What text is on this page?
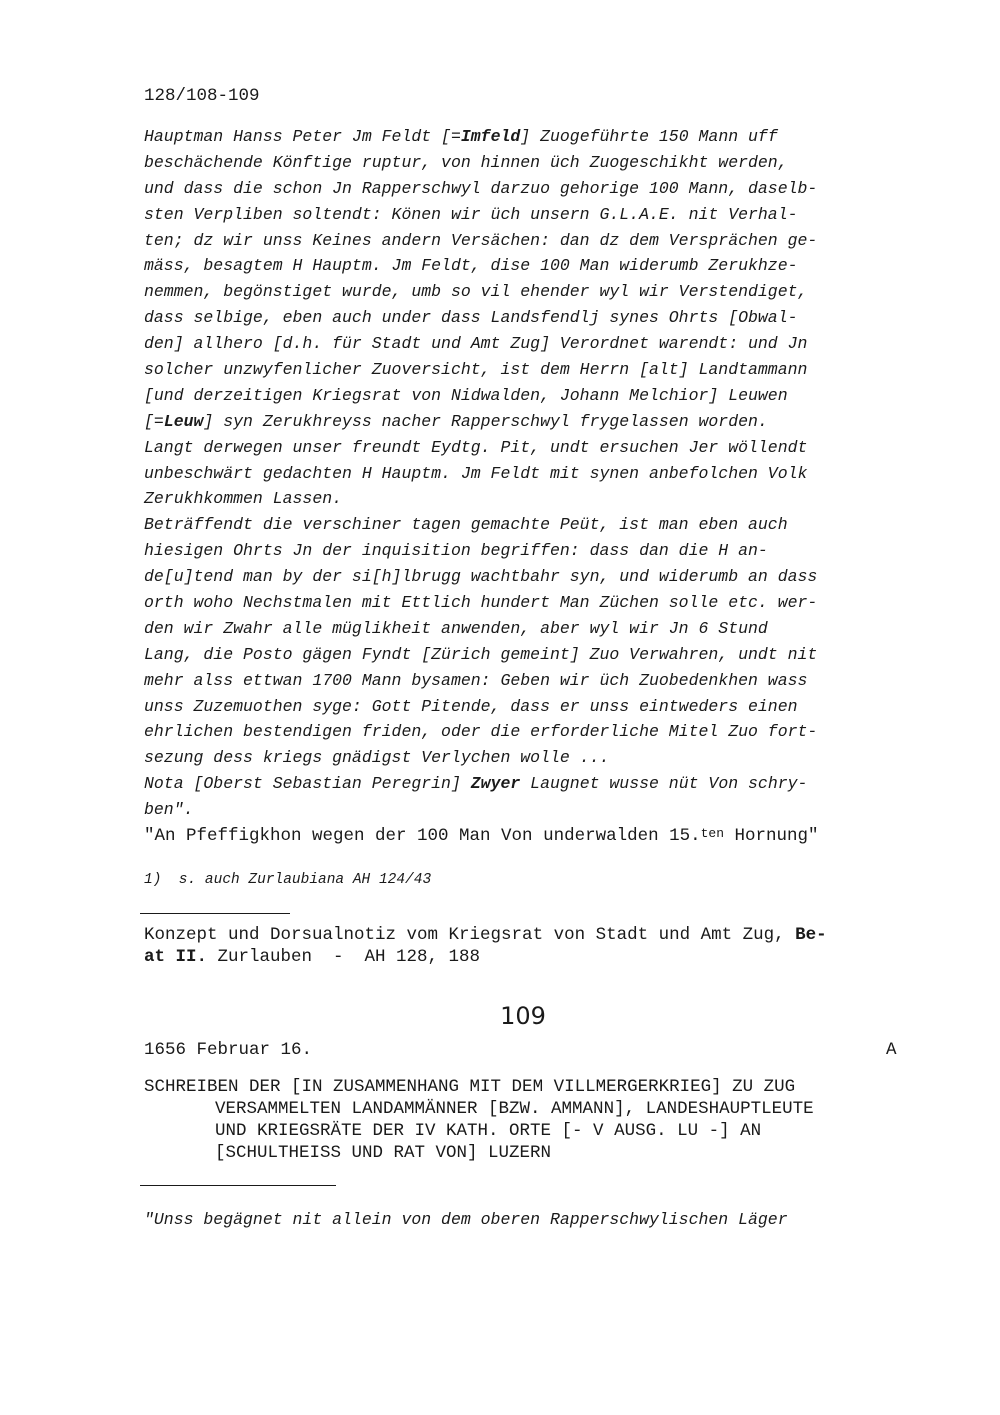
128/108-109
Hauptman Hanss Peter Jm Feldt [=Imfeld] Zuogeführte 150 Mann uff
beschächende Könftige ruptur, von hinnen üch Zuogeschikht werden,
und dass die schon Jn Rapperschwyl darzuo gehorige 100 Mann, daselb-
sten Verpliben soltendt: Könen wir üch unsern G.L.A.E. nit Verhal-
ten; dz wir unss Keines andern Versächen: dan dz dem Versprächen ge-
mäss, besagtem H Hauptm. Jm Feldt, dise 100 Man widerumb Zerukhze-
nemmen, begönstiget wurde, umb so vil ehender wyl wir Verstendiget,
dass selbige, eben auch under dass Landsfendlj synes Ohrts [Obwal-
den] allhero [d.h. für Stadt und Amt Zug] Verordnet warendt: und Jn
solcher unzwyfenlicher Zuoversicht, ist dem Herrn [alt] Landtammann
[und derzeitigen Kriegsrat von Nidwalden, Johann Melchior] Leuwen
[=Leuw] syn Zerukhreyss nacher Rapperschwyl frygelassen worden.
Langt derwegen unser freundt Eydtg. Pit, undt ersuchen Jer wöllendt
unbeschwärt gedachten H Hauptm. Jm Feldt mit synen anbefolchen Volk
Zerukhkommen Lassen.
Beträffendt die verschiner tagen gemachte Peüt, ist man eben auch
hiesigen Ohrts Jn der inquisition begriffen: dass dan die H an-
de[u]tend man by der si[h]lbrugg wachtbahr syn, und widerumb an dass
orth woho Nechstmalen mit Ettlich hundert Man Züchen solle etc. wer-
den wir Zwahr alle müglikheit anwenden, aber wyl wir Jn 6 Stund
Lang, die Posto gägen Fyndt [Zürich gemeint] Zuo Verwahren, undt nit
mehr alss ettwan 1700 Mann bysamen: Geben wir üch Zuobedenkhen wass
unss Zuzemuothen syge: Gott Pitende, dass er unss eintweders einen
ehrlichen bestendigen friden, oder die erforderliche Mitel Zuo fort-
sezung dess kriegs gnädigst Verlychen wolle ...
Nota [Oberst Sebastian Peregrin] Zwyer Laugnet wusse nüt Von schry-
ben".
"An Pfeffigkhon wegen der 100 Man Von underwalden 15.$^{ten}$ Hornung"
1)  s. auch Zurlaubiana AH 124/43
Konzept und Dorsualnotiz vom Kriegsrat von Stadt und Amt Zug, Be-
at II. Zurlauben  -  AH 128, 188
109
1656 Februar 16.	A
SCHREIBEN DER [IN ZUSAMMENHANG MIT DEM VILLMERGERKRIEG] ZU ZUG
VERSAMMELTEN LANDAMMÄNNER [BZW. AMMANN], LANDESHAUPTLEUTE
UND KRIEGSRÄTE DER IV KATH. ORTE [- V AUSG. LU -] AN
[SCHULTHEISS UND RAT VON] LUZERN
"Unss begägnet nit allein von dem oberen Rapperschwylischen Läger
